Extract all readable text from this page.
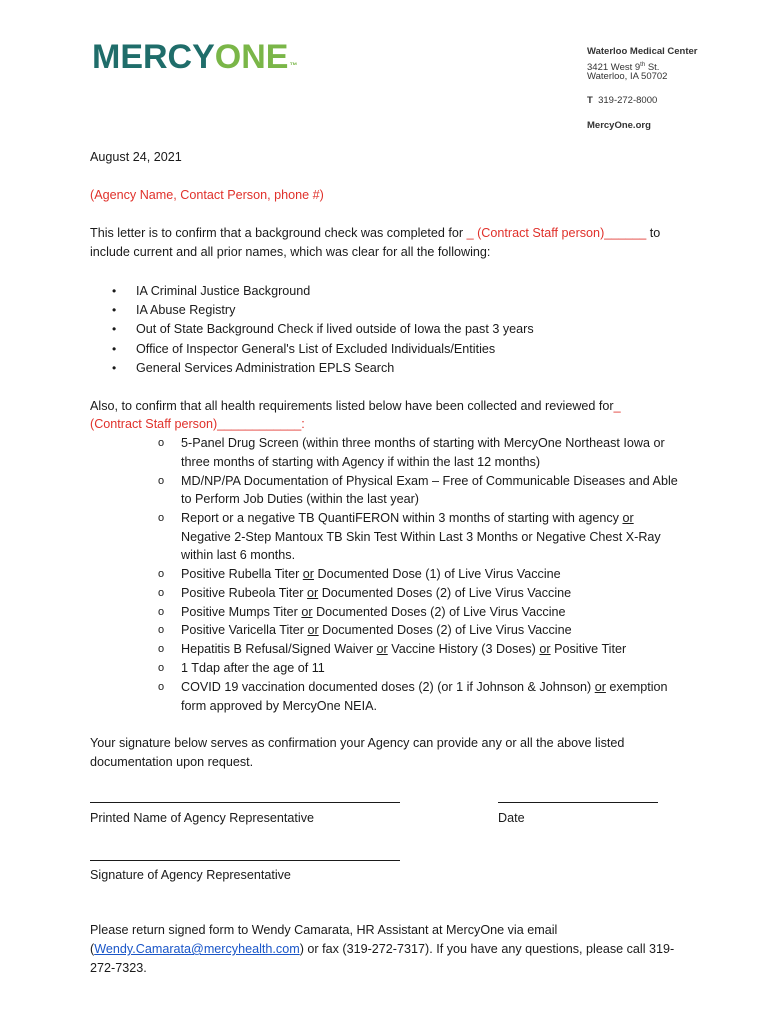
MERCYONE™
Waterloo Medical Center
3421 West 9th St.
Waterloo, IA 50702
T 319-272-8000
MercyOne.org
August 24, 2021
(Agency Name, Contact Person, phone #)
This letter is to confirm that a background check was completed for _ (Contract Staff person)______ to
include current and all prior names, which was clear for all the following:
• IA Criminal Justice Background
• IA Abuse Registry
• Out of State Background Check if lived outside of Iowa the past 3 years
• Office of Inspector General's List of Excluded Individuals/Entities
• General Services Administration EPLS Search
Also, to confirm that all health requirements listed below have been collected and reviewed for_
(Contract Staff person)____________:
o 5-Panel Drug Screen (within three months of starting with MercyOne Northeast Iowa or
three months of starting with Agency if within the last 12 months)
o MD/NP/PA Documentation of Physical Exam – Free of Communicable Diseases and Able
to Perform Job Duties (within the last year)
o Report or a negative TB QuantiFERON within 3 months of starting with agency or
Negative 2-Step Mantoux TB Skin Test Within Last 3 Months or Negative Chest X-Ray
within last 6 months.
o Positive Rubella Titer or Documented Dose (1) of Live Virus Vaccine
o Positive Rubeola Titer or Documented Doses (2) of Live Virus Vaccine
o Positive Mumps Titer or Documented Doses (2) of Live Virus Vaccine
o Positive Varicella Titer or Documented Doses (2) of Live Virus Vaccine
o Hepatitis B Refusal/Signed Waiver or Vaccine History (3 Doses) or Positive Titer
o 1 Tdap after the age of 11
o COVID 19 vaccination documented doses (2) (or 1 if Johnson & Johnson) or exemption
form approved by MercyOne NEIA.
Your signature below serves as confirmation your Agency can provide any or all the above listed
documentation upon request.
Printed Name of Agency Representative	Date
Signature of Agency Representative
Please return signed form to Wendy Camarata, HR Assistant at MercyOne via email
(Wendy.Camarata@mercyhealth.com) or fax (319-272-7317). If you have any questions, please call 319-
272-7323.
